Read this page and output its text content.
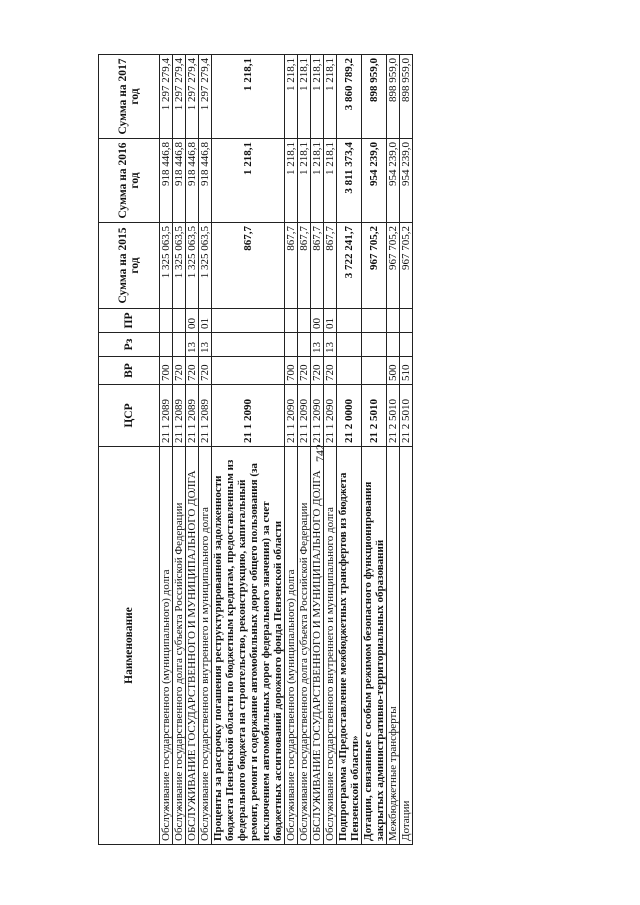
742
Наименование	ЦСР	ВР	Рз	ПР	Сумма на 2015 год	Сумма на 2016 год	Сумма на 2017 год
Обслуживание государственного (муниципального) долга	21 1 2089	700			1 325 063,5	918 446,8	1 297 279,4
Обслуживание государственного долга субъекта Российской Федерации	21 1 2089	720			1 325 063,5	918 446,8	1 297 279,4
ОБСЛУЖИВАНИЕ ГОСУДАРСТВЕННОГО И МУНИЦИПАЛЬНОГО ДОЛГА	21 1 2089	720	13	00	1 325 063,5	918 446,8	1 297 279,4
Обслуживание государственного внутреннего и муниципального долга	21 1 2089	720	13	01	1 325 063,5	918 446,8	1 297 279,4
Проценты за рассрочку погашения реструктурированной задолженности бюджета Пензенской области по бюджетным кредитам, предоставленным из федерального бюджета на строительство, реконструкцию, капитальный ремонт, ремонт и содержание автомобильных дорог общего пользования (за исключением автомобильных дорог федерального значения) за счет бюджетных ассигнований дорожного фонда Пензенской области	21 1 2090				867,7	1 218,1	1 218,1
Обслуживание государственного (муниципального) долга	21 1 2090	700			867,7	1 218,1	1 218,1
Обслуживание государственного долга субъекта Российской Федерации	21 1 2090	720			867,7	1 218,1	1 218,1
ОБСЛУЖИВАНИЕ ГОСУДАРСТВЕННОГО И МУНИЦИПАЛЬНОГО ДОЛГА	21 1 2090	720	13	00	867,7	1 218,1	1 218,1
Обслуживание государственного внутреннего и муниципального долга	21 1 2090	720	13	01	867,7	1 218,1	1 218,1
Подпрограмма «Предоставление межбюджетных трансфертов из бюджета Пензенской области»	21 2 0000				3 722 241,7	3 811 373,4	3 860 789,2
Дотации, связанные с особым режимом безопасного функционирования закрытых административно-территориальных образований	21 2 5010				967 705,2	954 239,0	898 959,0
Межбюджетные трансферты	21 2 5010	500			967 705,2	954 239,0	898 959,0
Дотации	21 2 5010	510			967 705,2	954 239,0	898 959,0
